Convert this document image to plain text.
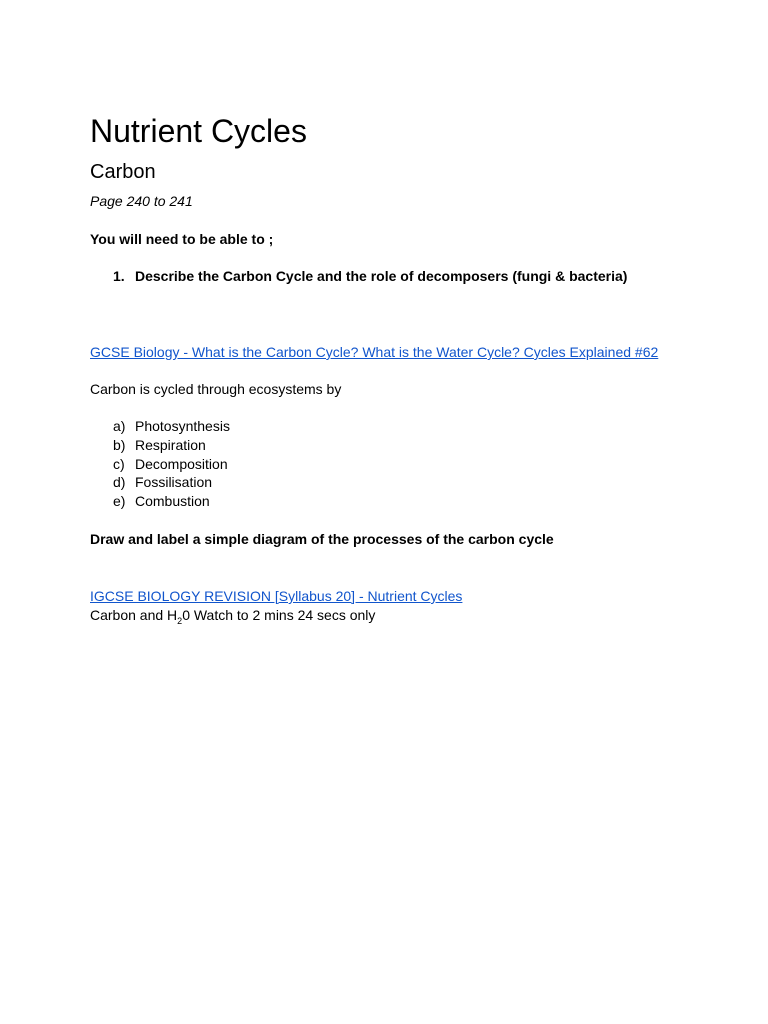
Nutrient Cycles
Carbon
Page 240 to 241
You will need to be able to ;
1. Describe the Carbon Cycle and the role of decomposers (fungi & bacteria)
GCSE Biology - What is the Carbon Cycle? What is the Water Cycle? Cycles Explained #62
Carbon is cycled through ecosystems by
a) Photosynthesis
b) Respiration
c) Decomposition
d) Fossilisation
e) Combustion
Draw and label a simple diagram of the processes of the carbon cycle
IGCSE BIOLOGY REVISION [Syllabus 20] - Nutrient Cycles
Carbon and $H_20$ Watch to 2 mins 24 secs only
